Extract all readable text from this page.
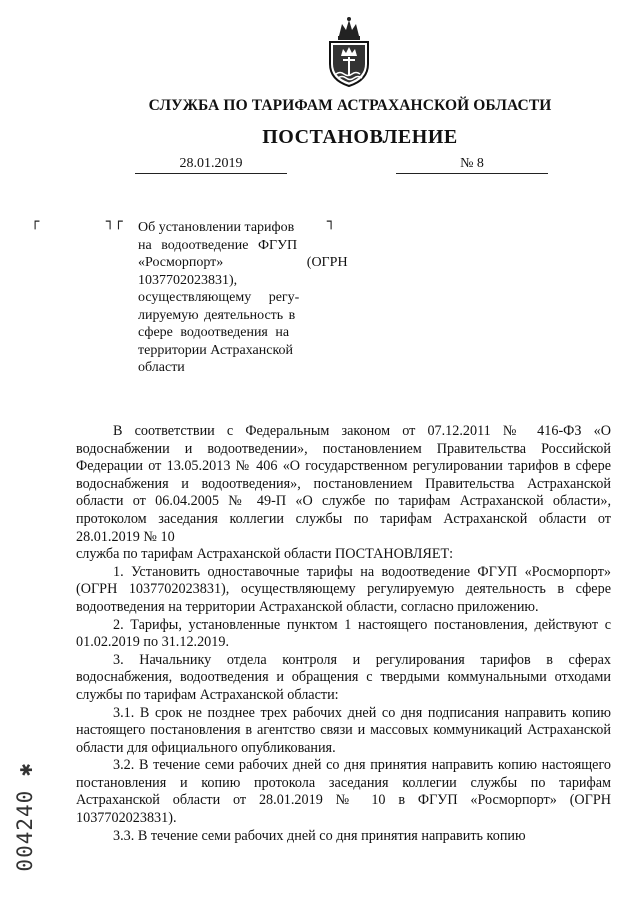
СЛУЖБА ПО ТАРИФАМ АСТРАХАНСКОЙ ОБЛАСТИ
ПОСТАНОВЛЕНИЕ
28.01.2019	№ 8
┌	┐┌	┐
Об установлении тарифов
на водоотведение ФГУП
«Росморпорт» (ОГРН
1037702023831),
осуществляющему регу-
лируемую деятельность в
сфере водоотведения на
территории Астраханской
области

В соответствии с Федеральным законом от 07.12.2011 № 416-ФЗ «О водоснабжении и водоотведении», постановлением Правительства Российской Федерации от 13.05.2013 № 406 «О государственном регулировании тарифов в сфере водоснабжения и водоотведения», постановлением Правительства Астраханской области от 06.04.2005 № 49-П «О службе по тарифам Астраханской области», протоколом заседания коллегии службы по тарифам Астраханской области от 28.01.2019 № 10

служба по тарифам Астраханской области ПОСТАНОВЛЯЕТ:

1. Установить одноставочные тарифы на водоотведение ФГУП «Росморпорт» (ОГРН 1037702023831), осуществляющему регулируемую деятельность в сфере водоотведения на территории Астраханской области, согласно приложению.

2. Тарифы, установленные пунктом 1 настоящего постановления, действуют с 01.02.2019 по 31.12.2019.

3. Начальнику отдела контроля и регулирования тарифов в сферах водоснабжения, водоотведения и обращения с твердыми коммунальными отходами службы по тарифам Астраханской области:

3.1. В срок не позднее трех рабочих дней со дня подписания направить копию настоящего постановления в агентство связи и массовых коммуникаций Астраханской области для официального опубликования.

3.2. В течение семи рабочих дней со дня принятия направить копию настоящего постановления и копию протокола заседания коллегии службы по тарифам Астраханской области от 28.01.2019 № 10 в ФГУП «Росморпорт» (ОГРН 1037702023831).

3.3. В течение семи рабочих дней со дня принятия направить копию

004240 ✱
